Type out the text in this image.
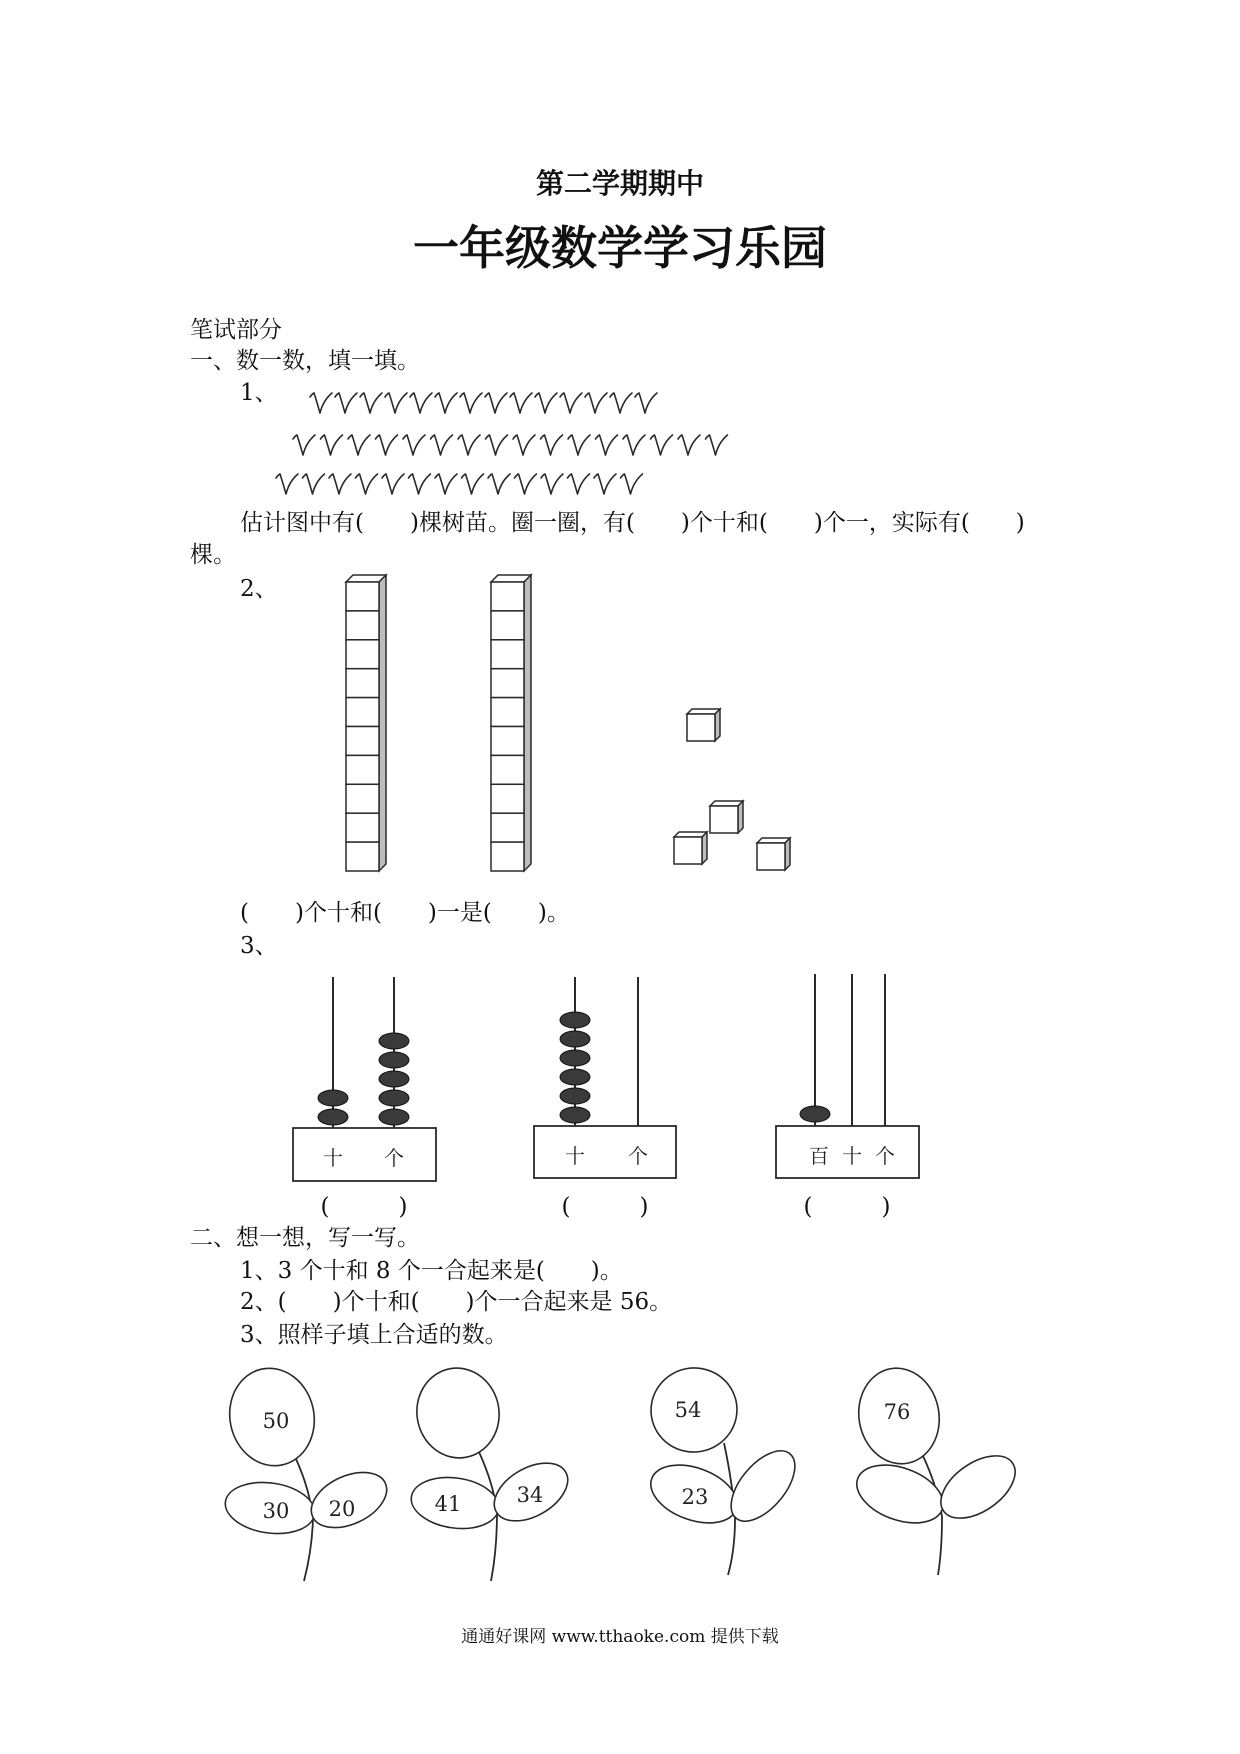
十 个	十 个	百 十 个
50
30 20	41	34
54
23
76
第二学期期中
一年级数学学习乐园
笔试部分
一、数一数，填一填。
1、
估计图中有(　　)棵树苗。圈一圈，有(　　)个十和(　　)个一，实际有(　　)
棵。
2、
(　　)个十和(　　)一是(　　)。
3、
(　　　)	(　　　)	(　　　)
二、想一想，写一写。
1、3 个十和 8 个一合起来是(　　)。
2、(　　)个十和(　　)个一合起来是 56。
3、照样子填上合适的数。
通通好课网 www.tthaoke.com 提供下载
